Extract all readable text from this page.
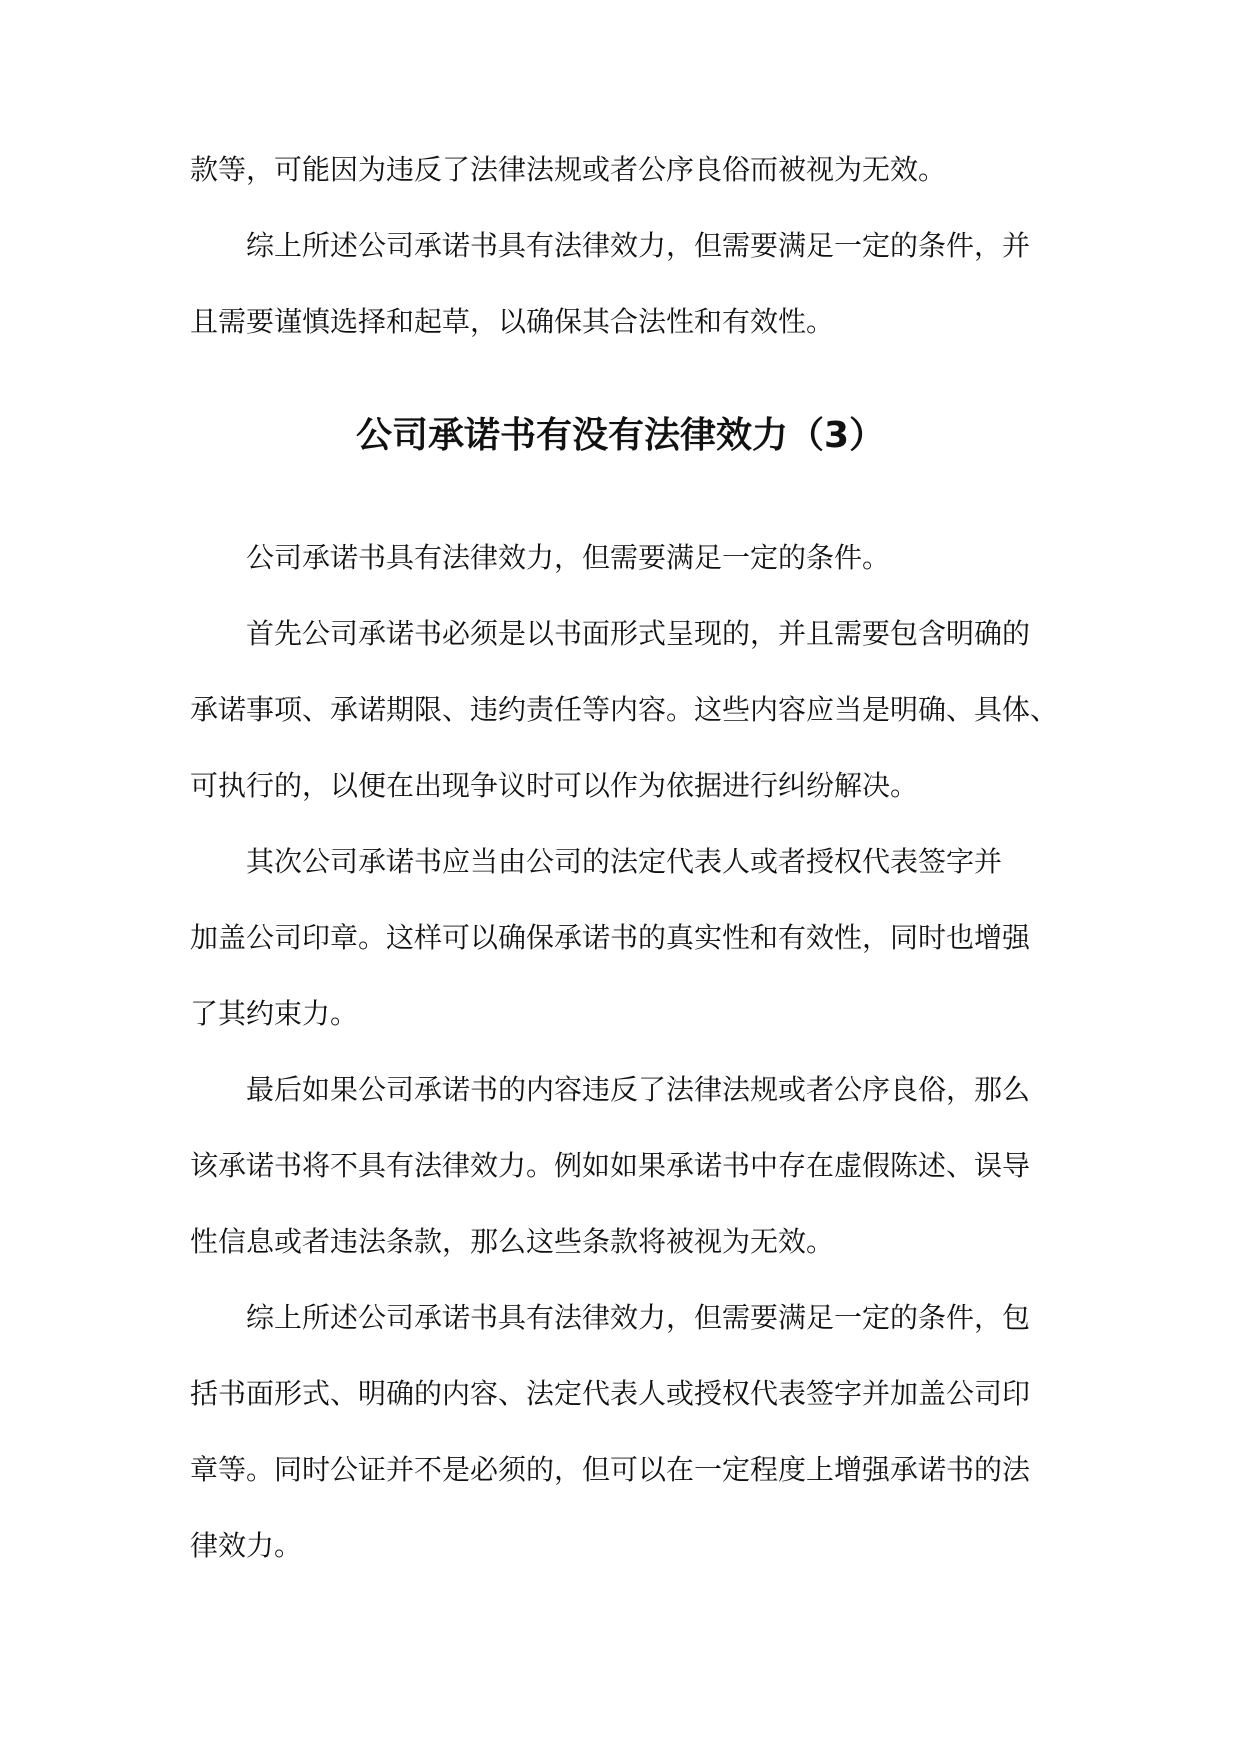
款等，可能因为违反了法律法规或者公序良俗而被视为无效。

综上所述公司承诺书具有法律效力，但需要满足一定的条件，并

且需要谨慎选择和起草，以确保其合法性和有效性。

公司承诺书有没有法律效力（3）

公司承诺书具有法律效力，但需要满足一定的条件。

首先公司承诺书必须是以书面形式呈现的，并且需要包含明确的

承诺事项、承诺期限、违约责任等内容。这些内容应当是明确、具体、

可执行的，以便在出现争议时可以作为依据进行纠纷解决。

其次公司承诺书应当由公司的法定代表人或者授权代表签字并

加盖公司印章。这样可以确保承诺书的真实性和有效性，同时也增强

了其约束力。

最后如果公司承诺书的内容违反了法律法规或者公序良俗，那么

该承诺书将不具有法律效力。例如如果承诺书中存在虚假陈述、误导

性信息或者违法条款，那么这些条款将被视为无效。

综上所述公司承诺书具有法律效力，但需要满足一定的条件，包

括书面形式、明确的内容、法定代表人或授权代表签字并加盖公司印

章等。同时公证并不是必须的，但可以在一定程度上增强承诺书的法

律效力。
